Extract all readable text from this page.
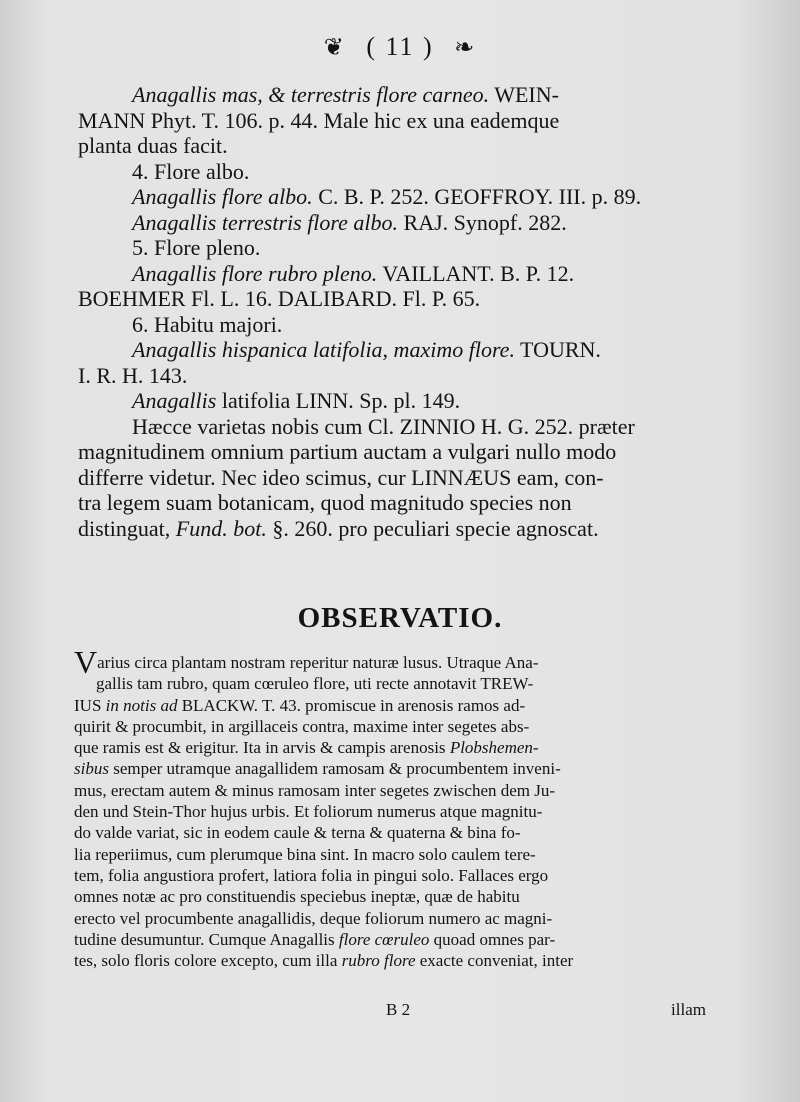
❦ ( 11 ) ❧

Anagallis mas, & terrestris flore carneo. WEIN-

MANN Phyt. T. 106. p. 44. Male hic ex una eademque

planta duas facit.

4. Flore albo.

Anagallis flore albo. C. B. P. 252. GEOFFROY. III. p. 89.

Anagallis terrestris flore albo. RAJ. Synopf. 282.

5. Flore pleno.

Anagallis flore rubro pleno. VAILLANT. B. P. 12.

BOEHMER Fl. L. 16. DALIBARD. Fl. P. 65.

6. Habitu majori.

Anagallis hispanica latifolia, maximo flore. TOURN.

I. R. H. 143.

Anagallis latifolia LINN. Sp. pl. 149.

Hæcce varietas nobis cum Cl. ZINNIO H. G. 252. præter

magnitudinem omnium partium auctam a vulgari nullo modo

differre videtur. Nec ideo scimus, cur LINNÆUS eam, con-

tra legem suam botanicam, quod magnitudo species non

distinguat, Fund. bot. §. 260. pro peculiari specie agnoscat.

OBSERVATIO.

Varius circa plantam nostram reperitur naturæ lusus. Utraque Ana-

gallis tam rubro, quam cœruleo flore, uti recte annotavit TREW-

IUS in notis ad BLACKW. T. 43. promiscue in arenosis ramos ad-

quirit & procumbit, in argillaceis contra, maxime inter segetes abs-

que ramis est & erigitur. Ita in arvis & campis arenosis Plobshemen-

sibus semper utramque anagallidem ramosam & procumbentem inveni-

mus, erectam autem & minus ramosam inter segetes zwischen dem Ju-

den und Stein-Thor hujus urbis. Et foliorum numerus atque magnitu-

do valde variat, sic in eodem caule & terna & quaterna & bina fo-

lia reperiimus, cum plerumque bina sint. In macro solo caulem tere-

tem, folia angustiora profert, latiora folia in pingui solo. Fallaces ergo

omnes notæ ac pro constituendis speciebus ineptæ, quæ de habitu

erecto vel procumbente anagallidis, deque foliorum numero ac magni-

tudine desumuntur. Cumque Anagallis flore cœruleo quoad omnes par-

tes, solo floris colore excepto, cum illa rubro flore exacte conveniat, inter

B 2	illam
